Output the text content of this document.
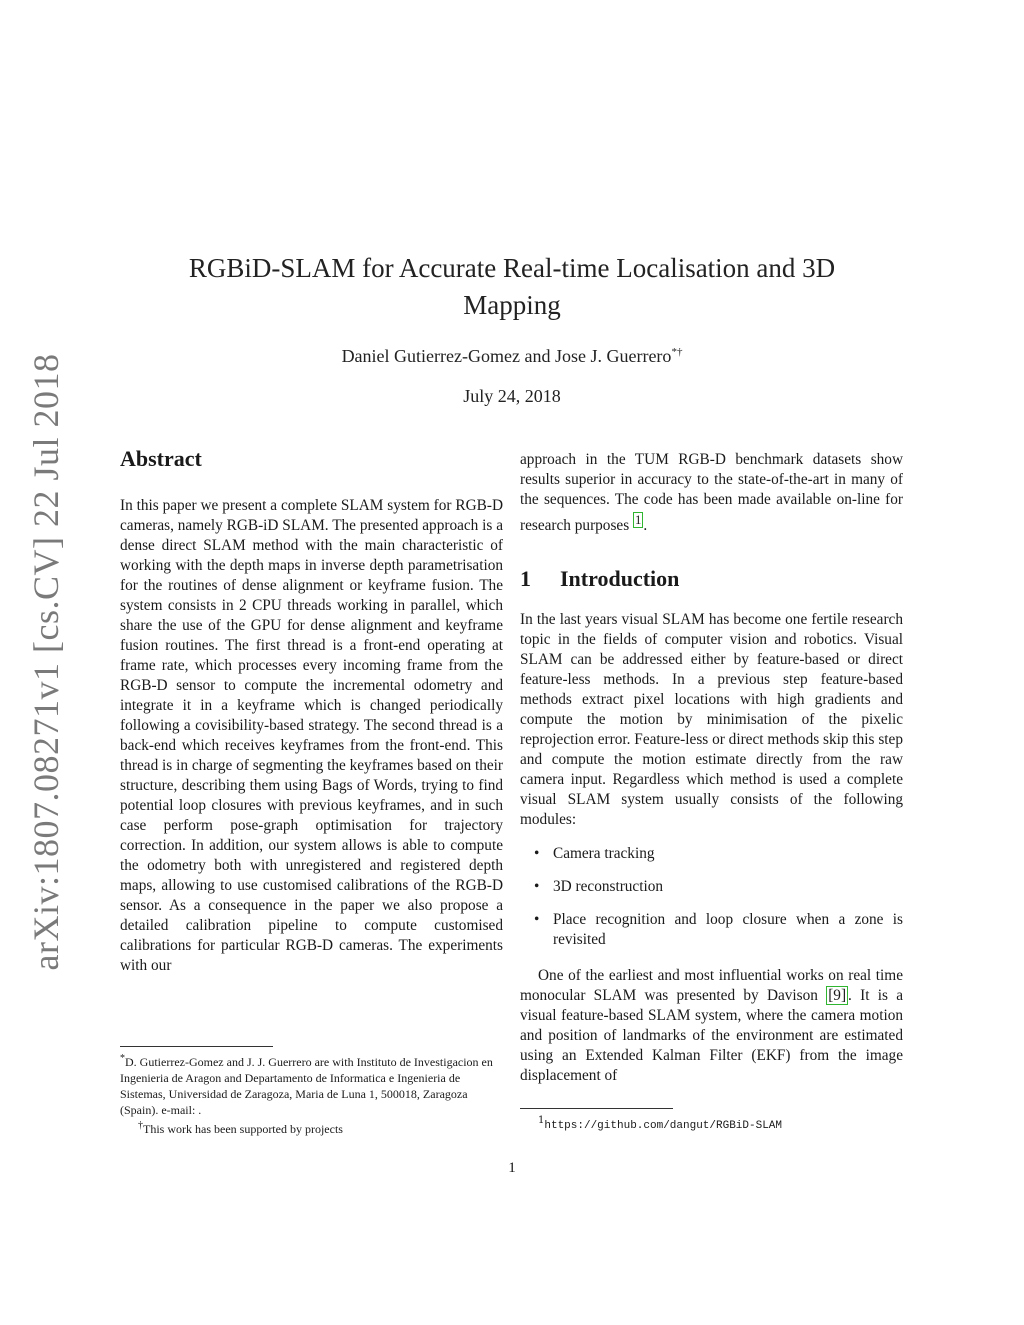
arXiv:1807.08271v1 [cs.CV] 22 Jul 2018
RGBiD-SLAM for Accurate Real-time Localisation and 3D
Mapping
Daniel Gutierrez-Gomez and Jose J. Guerrero*†
July 24, 2018
Abstract

In this paper we present a complete SLAM system for RGB-D cameras, namely RGB-iD SLAM. The presented approach is a dense direct SLAM method with the main characteristic of working with the depth maps in inverse depth parametrisation for the routines of dense alignment or keyframe fusion. The system consists in 2 CPU threads working in parallel, which share the use of the GPU for dense alignment and keyframe fusion routines. The first thread is a front-end operating at frame rate, which processes every incoming frame from the RGB-D sensor to compute the incremental odometry and integrate it in a keyframe which is changed periodically following a covisibility-based strategy. The second thread is a back-end which receives keyframes from the front-end. This thread is in charge of segmenting the keyframes based on their structure, describing them using Bags of Words, trying to find potential loop closures with previous keyframes, and in such case perform pose-graph optimisation for trajectory correction. In addition, our system allows is able to compute the odometry both with unregistered and registered depth maps, allowing to use customised calibrations of the RGB-D sensor. As a consequence in the paper we also propose a detailed calibration pipeline to compute customised calibrations for particular RGB-D cameras. The experiments with our

approach in the TUM RGB-D benchmark datasets show results superior in accuracy to the state-of-the-art in many of the sequences. The code has been made available on-line for research purposes $^1$ .

1 Introduction

In the last years visual SLAM has become one fertile research topic in the fields of computer vision and robotics. Visual SLAM can be addressed either by feature-based or direct feature-less methods. In a previous step feature-based methods extract pixel locations with high gradients and compute the motion by minimisation of the pixelic reprojection error. Feature-less or direct methods skip this step and compute the motion estimate directly from the raw camera input. Regardless which method is used a complete visual SLAM system usually consists of the following modules:

• Camera tracking
• 3D reconstruction
• Place recognition and loop closure when a zone is revisited

One of the earliest and most influential works on real time monocular SLAM was presented by Davison [9] . It is a visual feature-based SLAM system, where the camera motion and position of landmarks of the environment are estimated using an Extended Kalman Filter (EKF) from the image displacement of

*D. Gutierrez-Gomez and J. J. Guerrero are with Instituto de Investigacion en Ingenieria de Aragon and Departamento de Informatica e Ingenieria de Sistemas, Universidad de Zaragoza, Maria de Luna 1, 500018, Zaragoza (Spain). e-mail: .
†This work has been supported by projects
$^1$https://github.com/dangut/RGBiD-SLAM
1
